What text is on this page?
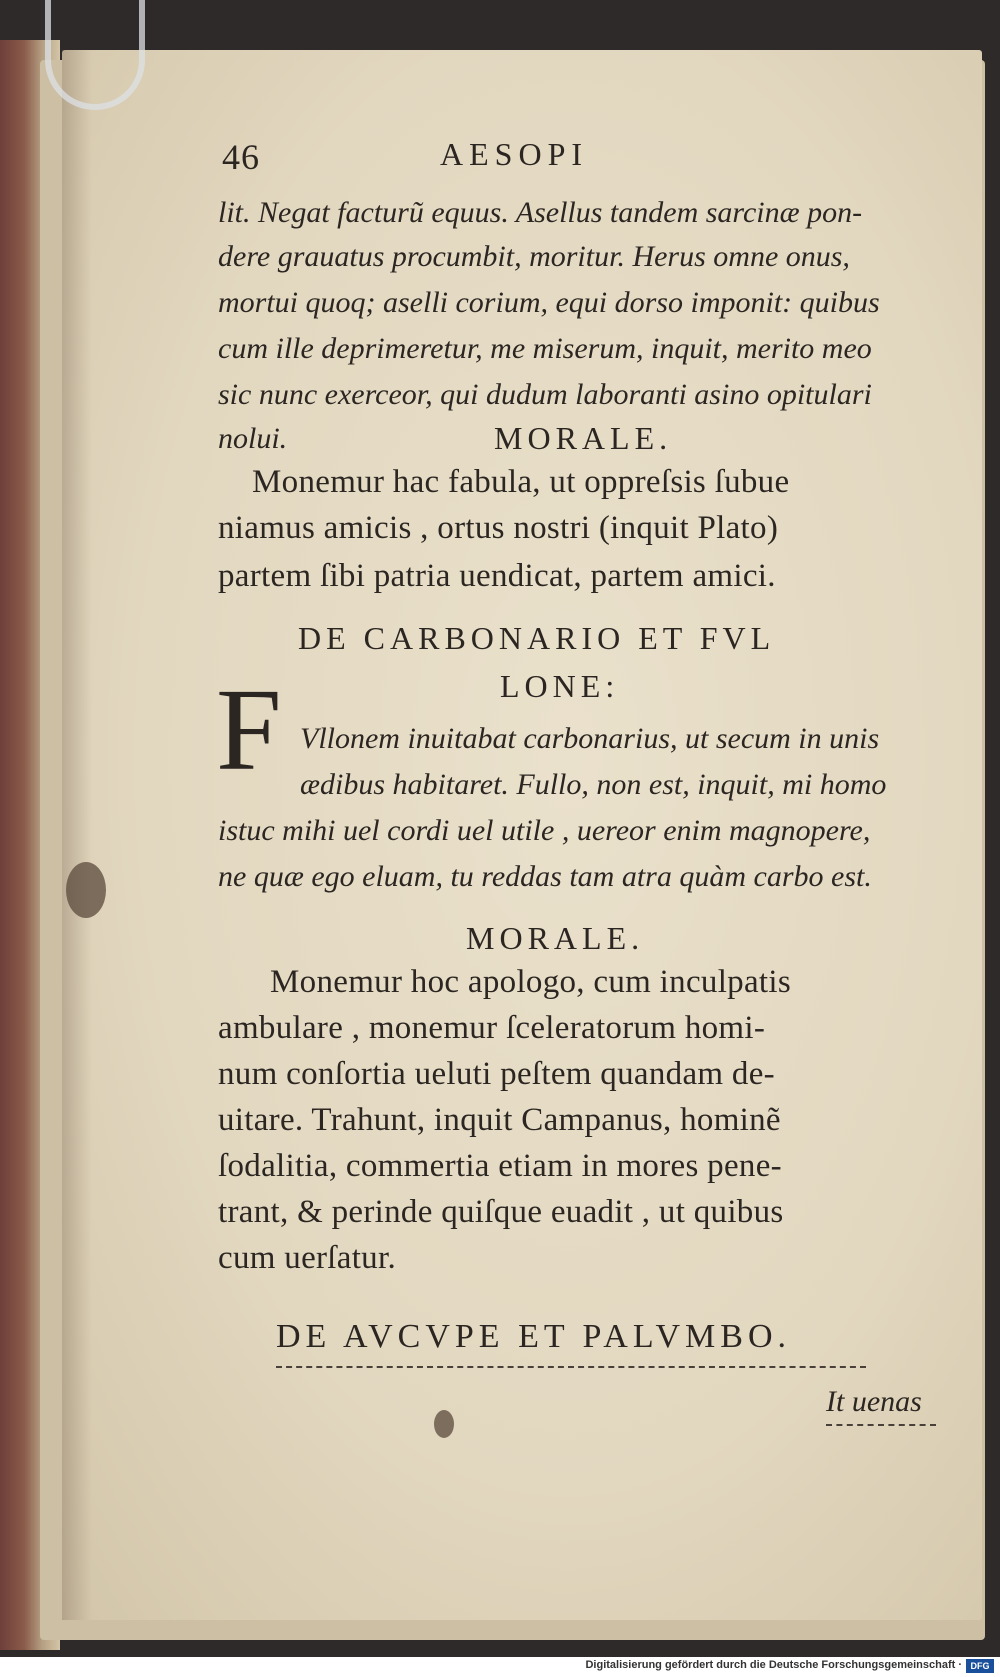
46	AESOPI
lit. Negat facturũ equus. Asellus tandem sarcinæ pon-
dere grauatus procumbit, moritur. Herus omne onus,
mortui quoq; aselli corium, equi dorso imponit: quibus
cum ille deprimeretur, me miserum, inquit, merito meo
sic nunc exerceor, qui dudum laboranti asino opitulari
nolui.	MORALE.
Monemur hac fabula, ut oppreſsis ſubue
niamus amicis , ortus nostri (inquit Plato)
partem ſibi patria uendicat, partem amici.
DE CARBONARIO ET FVL
LONE:
F Vllonem inuitabat carbonarius, ut secum in unis
ædibus habitaret. Fullo, non est, inquit, mi homo
istuc mihi uel cordi uel utile , uereor enim magnopere,
ne quæ ego eluam, tu reddas tam atra quàm carbo est.
MORALE.
Monemur hoc apologo, cum inculpatis
ambulare , monemur ſceleratorum homi-
num conſortia ueluti peſtem quandam de-
uitare. Trahunt, inquit Campanus, hominẽ
ſodalitia, commertia etiam in mores pene-
trant, & perinde quiſque euadit , ut quibus
cum uerſatur.
DE AVCVPE ET PALVMBO.
It uenas
Digitalisierung gefördert durch die Deutsche Forschungsgemeinschaft · DFG
